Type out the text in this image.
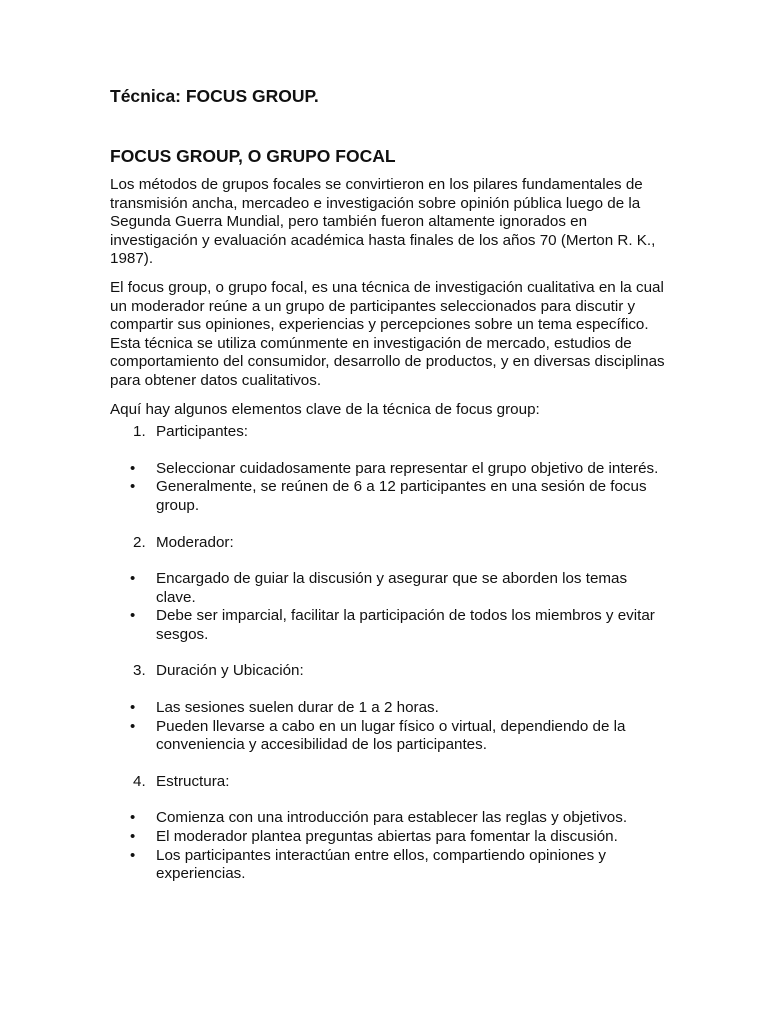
Técnica: FOCUS GROUP.
FOCUS GROUP, O GRUPO FOCAL

Los métodos de grupos focales se convirtieron en los pilares fundamentales de transmisión ancha, mercadeo e investigación sobre opinión pública luego de la Segunda Guerra Mundial, pero también fueron altamente ignorados en investigación y evaluación académica hasta finales de los años 70 (Merton R. K., 1987).

El focus group, o grupo focal, es una técnica de investigación cualitativa en la cual un moderador reúne a un grupo de participantes seleccionados para discutir y compartir sus opiniones, experiencias y percepciones sobre un tema específico. Esta técnica se utiliza comúnmente en investigación de mercado, estudios de comportamiento del consumidor, desarrollo de productos, y en diversas disciplinas para obtener datos cualitativos.

Aquí hay algunos elementos clave de la técnica de focus group:

1. Participantes:
•	Seleccionar cuidadosamente para representar el grupo objetivo de interés.
•	Generalmente, se reúnen de 6 a 12 participantes en una sesión de focus group.
2. Moderador:
•	Encargado de guiar la discusión y asegurar que se aborden los temas clave.
•	Debe ser imparcial, facilitar la participación de todos los miembros y evitar sesgos.
3. Duración y Ubicación:
•	Las sesiones suelen durar de 1 a 2 horas.
•	Pueden llevarse a cabo en un lugar físico o virtual, dependiendo de la conveniencia y accesibilidad de los participantes.
4. Estructura:
•	Comienza con una introducción para establecer las reglas y objetivos.
•	El moderador plantea preguntas abiertas para fomentar la discusión.
•	Los participantes interactúan entre ellos, compartiendo opiniones y experiencias.
